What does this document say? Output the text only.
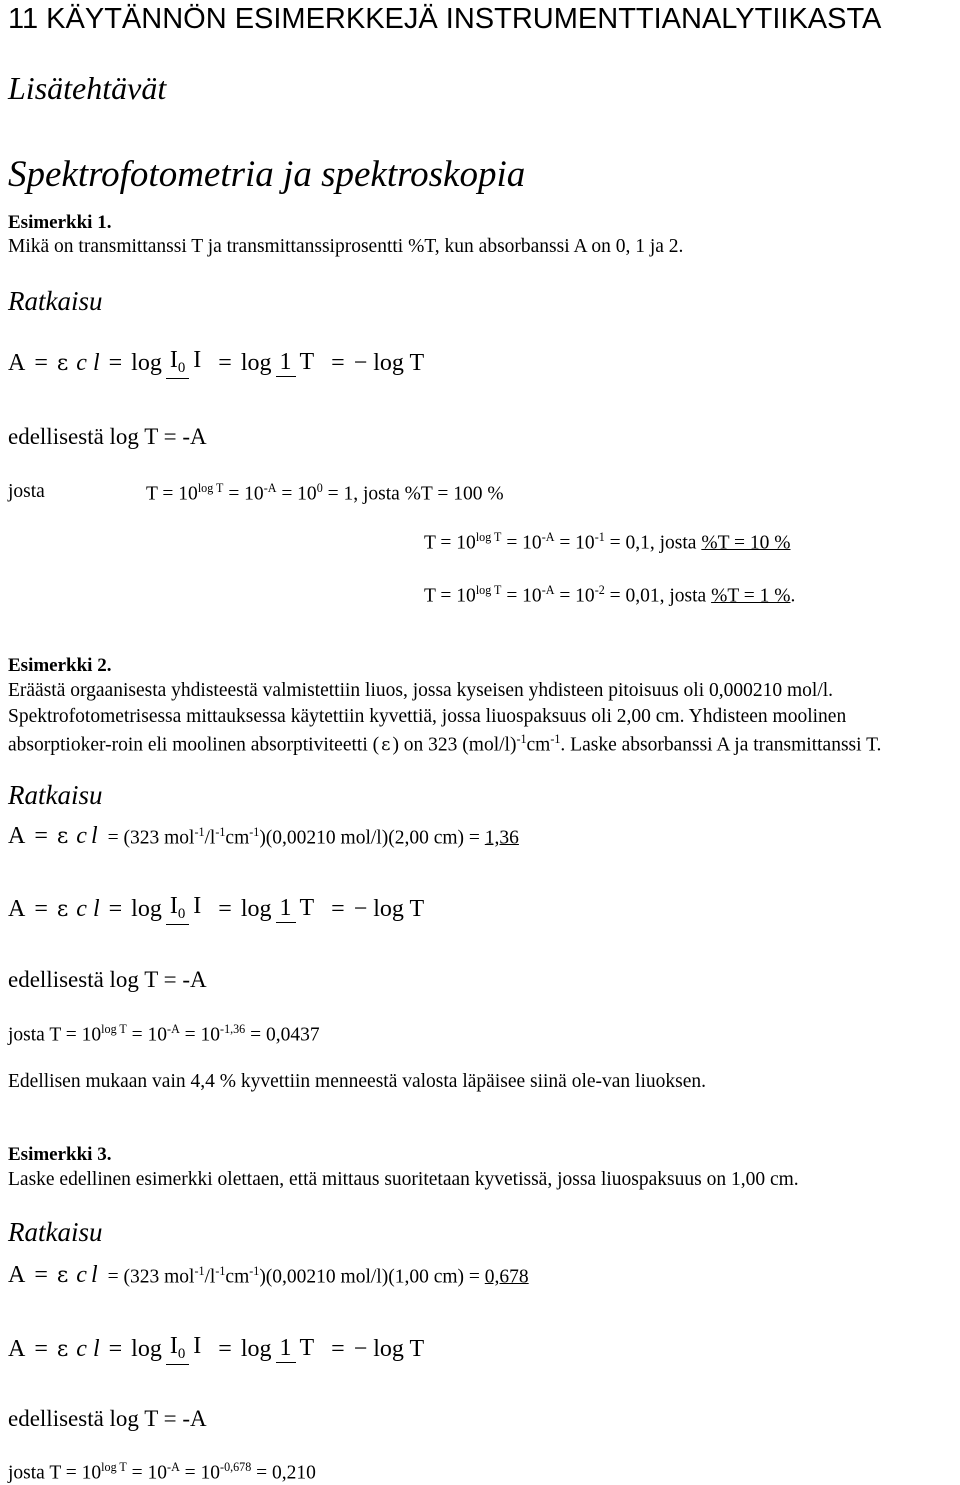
11 KÄYTÄNNÖN ESIMERKKEJÄ INSTRUMENTTIANALYTIIKASTA
Lisätehtävät
Spektrofotometria ja spektroskopia
Esimerkki 1.
Mikä on transmittanssi T ja transmittanssiprosentti %T, kun absorbanssi A on 0, 1 ja 2.
Ratkaisu
A = ε c
$l = \log I_0$ I = log 1 T = − log T
edellisestä log T = -A
josta	$T = 10^{log T} = 10^{-A} = 10^0 = 1$, josta %T = 100 %
$T = 10^{log T} = 10^{-A} = 10^{-1} = 0,1$, josta %T = 10 %
$T = 10^{log T} = 10^{-A} = 10^{-2} = 0,01$, josta %T = 1 %.
Esimerkki 2.
Eräästä orgaanisesta yhdisteestä valmistettiin liuos, jossa kyseisen yhdisteen pitoisuus oli 0,000210 mol/l.
Spektrofotometrisessa mittauksessa käytettiin kyvettiä, jossa liuospaksuus oli 2,00 cm. Yhdisteen moolinen
absorptioker-roin eli moolinen absorptiviteetti ( ε ) on 323 $(mol/l)^{-1}cm^{-1}$. Laske absorbanssi A ja transmittanssi T.
Ratkaisu
A = ε c
l = (323 $mol^{-1}/l^{-1}cm^{-1})(0,00210$ mol/l)(2,00 cm) = 1,36
A = ε c
$l = \log I_0$ I = log 1 T = − log T
edellisestä log T = -A
josta $T = 10^{log T} = 10^{-A} = 10^{-1,36} = 0,0437$
Edellisen mukaan vain 4,4 % kyvettiin menneestä valosta läpäisee siinä ole-van liuoksen.
Esimerkki 3.
Laske edellinen esimerkki olettaen, että mittaus suoritetaan kyvetissä, jossa liuospaksuus on 1,00 cm.
Ratkaisu
A = ε c
l = (323 $mol^{-1}/l^{-1}cm^{-1})(0,00210$ mol/l)(1,00 cm) = 0,678
A = ε c
$l = \log I_0$ I = log 1 T = − log T
edellisestä log T = -A
josta $T = 10^{log T} = 10^{-A} = 10^{-0,678} = 0,210$
